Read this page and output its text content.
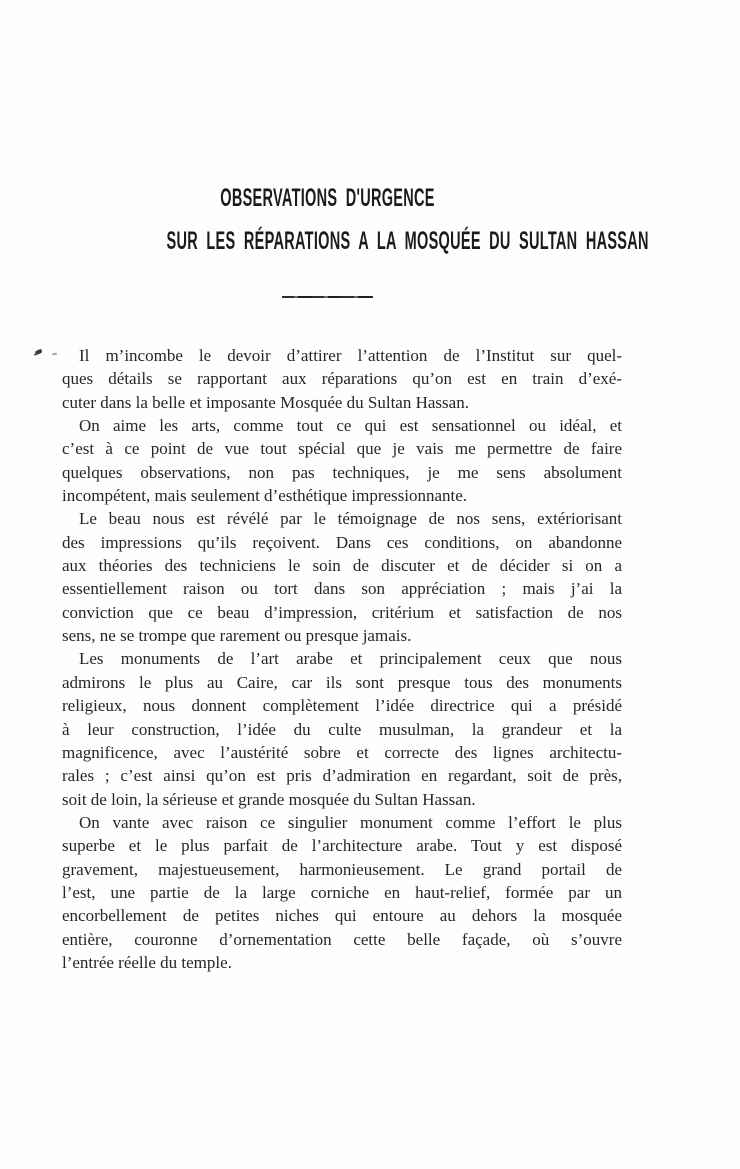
OBSERVATIONS D'URGENCE
SUR LES RÉPARATIONS A LA MOSQUÉE DU SULTAN HASSAN
Il m’incombe le devoir d’attirer l’attention de l’Institut sur quel-
ques détails se rapportant aux réparations qu’on est en train d’exé-
cuter dans la belle et imposante Mosquée du Sultan Hassan.
On aime les arts, comme tout ce qui est sensationnel ou idéal, et
c’est à ce point de vue tout spécial que je vais me permettre de faire
quelques observations, non pas techniques, je me sens absolument
incompétent, mais seulement d’esthétique impressionnante.
Le beau nous est révélé par le témoignage de nos sens, extériorisant
des impressions qu’ils reçoivent. Dans ces conditions, on abandonne
aux théories des techniciens le soin de discuter et de décider si on a
essentiellement raison ou tort dans son appréciation ; mais j’ai la
conviction que ce beau d’impression, critérium et satisfaction de nos
sens, ne se trompe que rarement ou presque jamais.
Les monuments de l’art arabe et principalement ceux que nous
admirons le plus au Caire, car ils sont presque tous des monuments
religieux, nous donnent complètement l’idée directrice qui a présidé
à leur construction, l’idée du culte musulman, la grandeur et la
magnificence, avec l’austérité sobre et correcte des lignes architectu-
rales ; c’est ainsi qu’on est pris d’admiration en regardant, soit de près,
soit de loin, la sérieuse et grande mosquée du Sultan Hassan.
On vante avec raison ce singulier monument comme l’effort le plus
superbe et le plus parfait de l’architecture arabe. Tout y est disposé
gravement, majestueusement, harmonieusement. Le grand portail de
l’est, une partie de la large corniche en haut-relief, formée par un
encorbellement de petites niches qui entoure au dehors la mosquée
entière, couronne d’ornementation cette belle façade, où s’ouvre
l’entrée réelle du temple.
